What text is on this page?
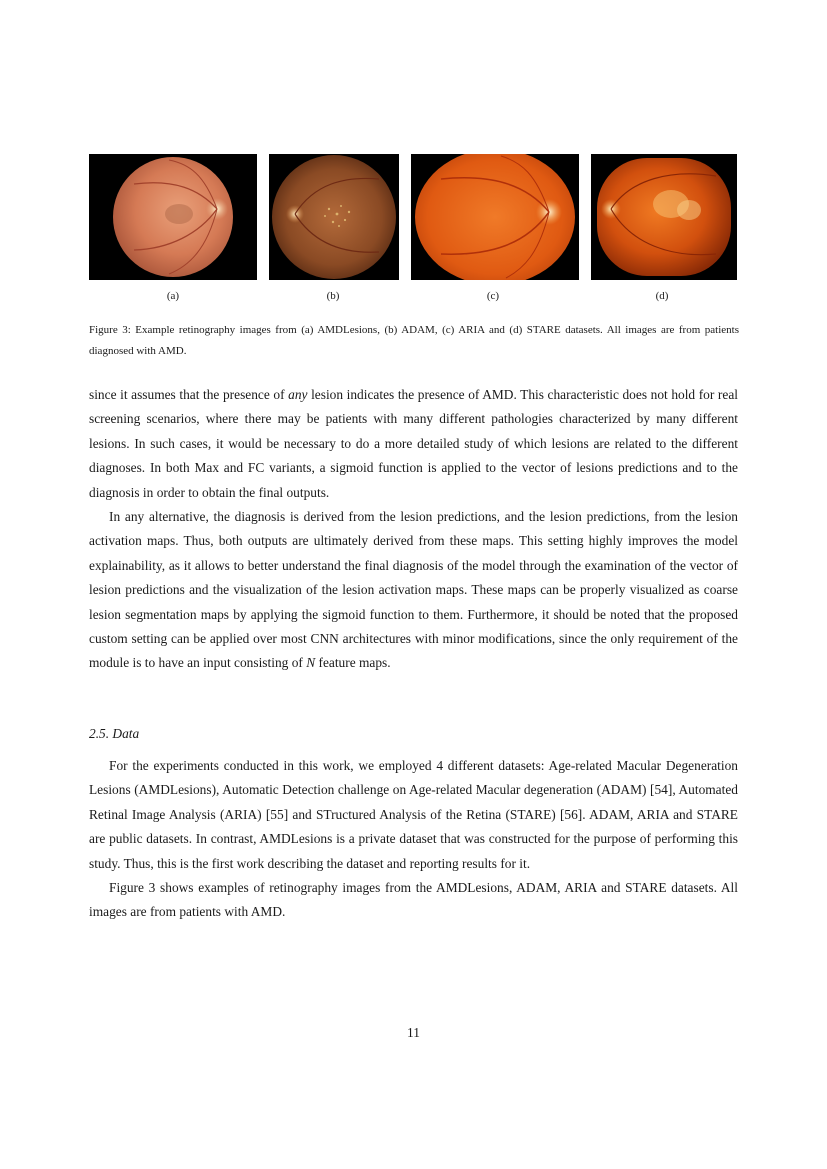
(a)	(b)	(c)	(d)
Figure 3: Example retinography images from (a) AMDLesions, (b) ADAM, (c) ARIA and (d) STARE datasets. All images are from patients diagnosed with AMD.

since it assumes that the presence of any lesion indicates the presence of AMD. This characteristic does not hold for real screening scenarios, where there may be patients with many different pathologies characterized by many different lesions. In such cases, it would be necessary to do a more detailed study of which lesions are related to the different diagnoses. In both Max and FC variants, a sigmoid function is applied to the vector of lesions predictions and to the diagnosis in order to obtain the final outputs.

In any alternative, the diagnosis is derived from the lesion predictions, and the lesion predictions, from the lesion activation maps. Thus, both outputs are ultimately derived from these maps. This setting highly improves the model explainability, as it allows to better understand the final diagnosis of the model through the examination of the vector of lesion predictions and the visualization of the lesion activation maps. These maps can be properly visualized as coarse lesion segmentation maps by applying the sigmoid function to them. Furthermore, it should be noted that the proposed custom setting can be applied over most CNN architectures with minor modifications, since the only requirement of the module is to have an input consisting of N feature maps.

2.5. Data

For the experiments conducted in this work, we employed 4 different datasets: Age-related Macular Degeneration Lesions (AMDLesions), Automatic Detection challenge on Age-related Macular degeneration (ADAM) [54], Automated Retinal Image Analysis (ARIA) [55] and STructured Analysis of the Retina (STARE) [56]. ADAM, ARIA and STARE are public datasets. In contrast, AMDLesions is a private dataset that was constructed for the purpose of performing this study. Thus, this is the first work describing the dataset and reporting results for it.

Figure 3 shows examples of retinography images from the AMDLesions, ADAM, ARIA and STARE datasets. All images are from patients with AMD.

11
